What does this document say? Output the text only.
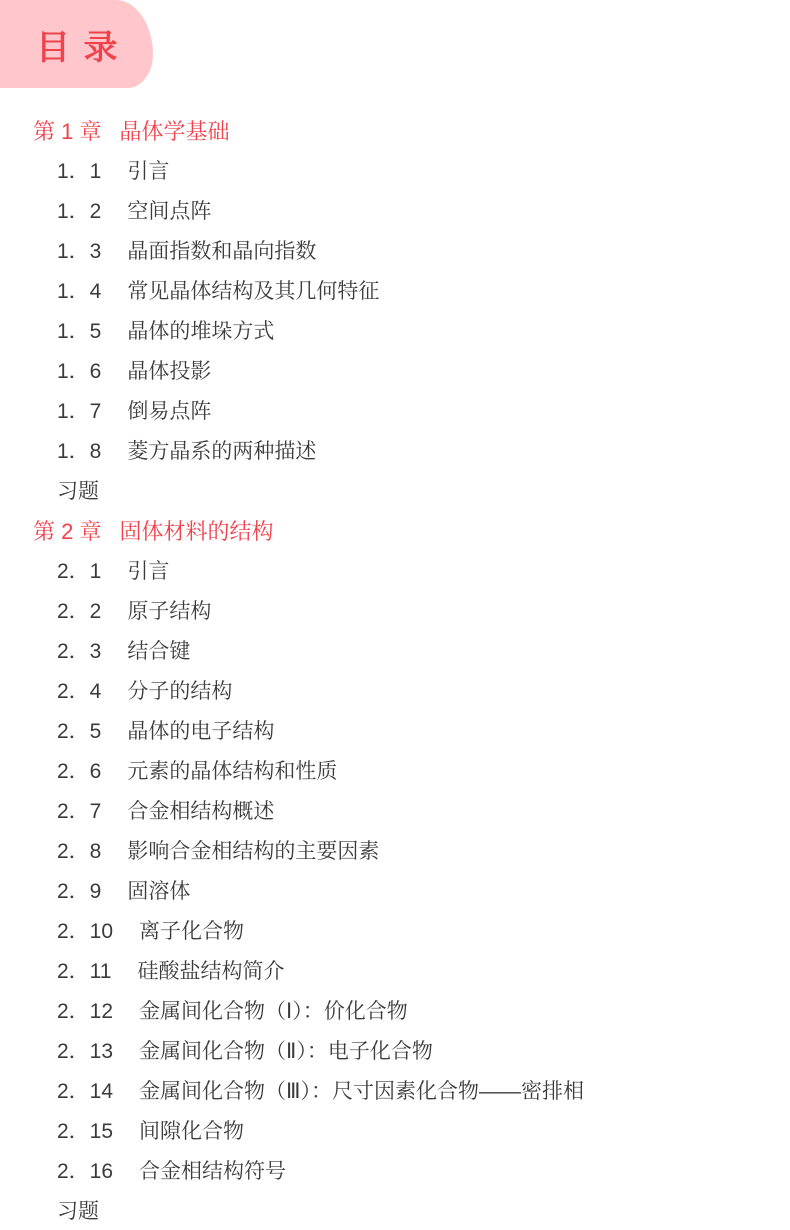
目 录
第 1 章 晶体学基础
1．1 引言
1．2 空间点阵
1．3 晶面指数和晶向指数
1．4 常见晶体结构及其几何特征
1．5 晶体的堆垛方式
1．6 晶体投影
1．7 倒易点阵
1．8 菱方晶系的两种描述
习题
第 2 章 固体材料的结构
2．1 引言
2．2 原子结构
2．3 结合键
2．4 分子的结构
2．5 晶体的电子结构
2．6 元素的晶体结构和性质
2．7 合金相结构概述
2．8 影响合金相结构的主要因素
2．9 固溶体
2．10 离子化合物
2．11 硅酸盐结构简介
2．12 金属间化合物（Ⅰ）：价化合物
2．13 金属间化合物（Ⅱ）：电子化合物
2．14 金属间化合物（Ⅲ）：尺寸因素化合物——密排相
2．15 间隙化合物
2．16 合金相结构符号
习题
